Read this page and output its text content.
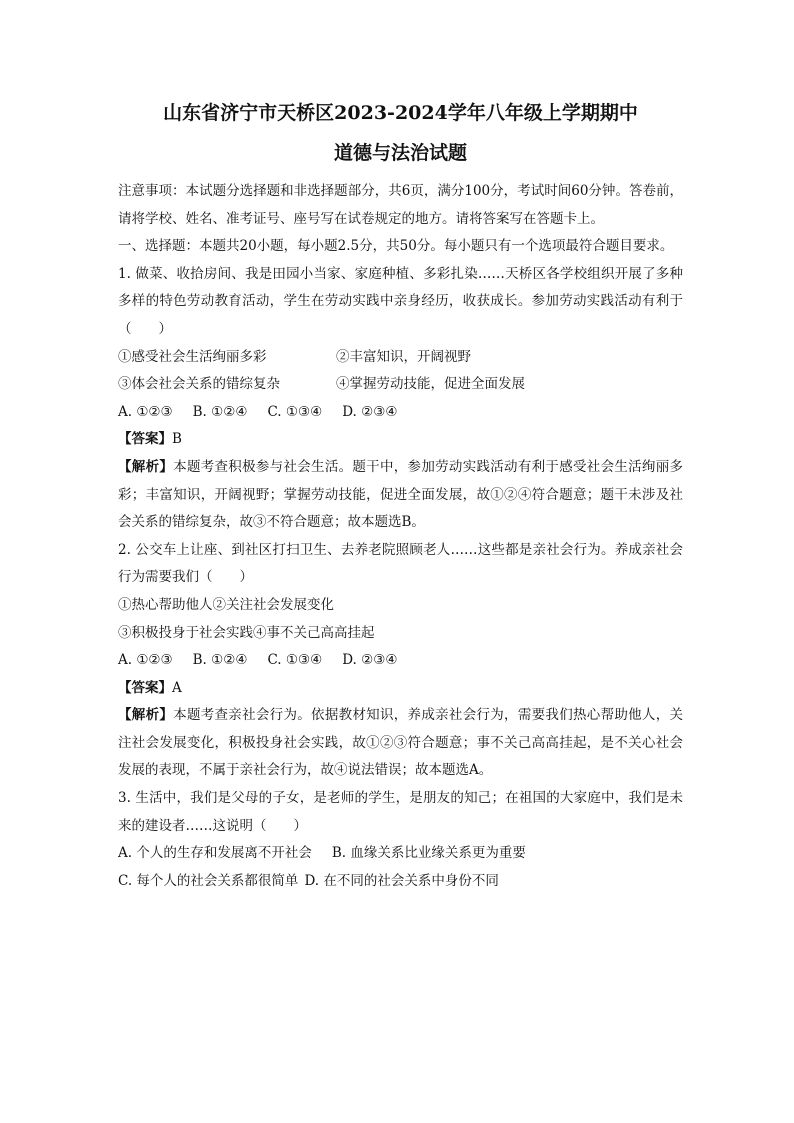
山东省济宁市天桥区2023-2024学年八年级上学期期中
道德与法治试题

注意事项：本试题分选择题和非选择题部分，共6页，满分100分，考试时间60分钟。答卷前，请将学校、姓名、准考证号、座号写在试卷规定的地方。请将答案写在答题卡上。

一、选择题：本题共20小题，每小题2.5分，共50分。每小题只有一个选项最符合题目要求。

1. 做菜、收拾房间、我是田园小当家、家庭种植、多彩扎染……天桥区各学校组织开展了多种多样的特色劳动教育活动，学生在劳动实践中亲身经历，收获成长。参加劳动实践活动有利于（　　）

①感受社会生活绚丽多彩	②丰富知识，开阔视野
③体会社会关系的错综复杂	④掌握劳动技能，促进全面发展
A. ①②③ B. ①②④ C. ①③④ D. ②③④

【答案】B

【解析】本题考查积极参与社会生活。题干中，参加劳动实践活动有利于感受社会生活绚丽多彩；丰富知识，开阔视野；掌握劳动技能，促进全面发展，故①②④符合题意；题干未涉及社会关系的错综复杂，故③不符合题意；故本题选B。

2. 公交车上让座、到社区打扫卫生、去养老院照顾老人……这些都是亲社会行为。养成亲社会行为需要我们（　　）

①热心帮助他人②关注社会发展变化

③积极投身于社会实践④事不关己高高挂起

A. ①②③ B. ①②④ C. ①③④ D. ②③④

【答案】A

【解析】本题考查亲社会行为。依据教材知识，养成亲社会行为，需要我们热心帮助他人，关注社会发展变化，积极投身社会实践，故①②③符合题意；事不关己高高挂起，是不关心社会发展的表现，不属于亲社会行为，故④说法错误；故本题选A。

3. 生活中，我们是父母的子女，是老师的学生，是朋友的知己；在祖国的大家庭中，我们是未来的建设者……这说明（　　）

A. 个人的生存和发展离不开社会 B. 血缘关系比业缘关系更为重要
C. 每个人的社会关系都很简单 D. 在不同的社会关系中身份不同
